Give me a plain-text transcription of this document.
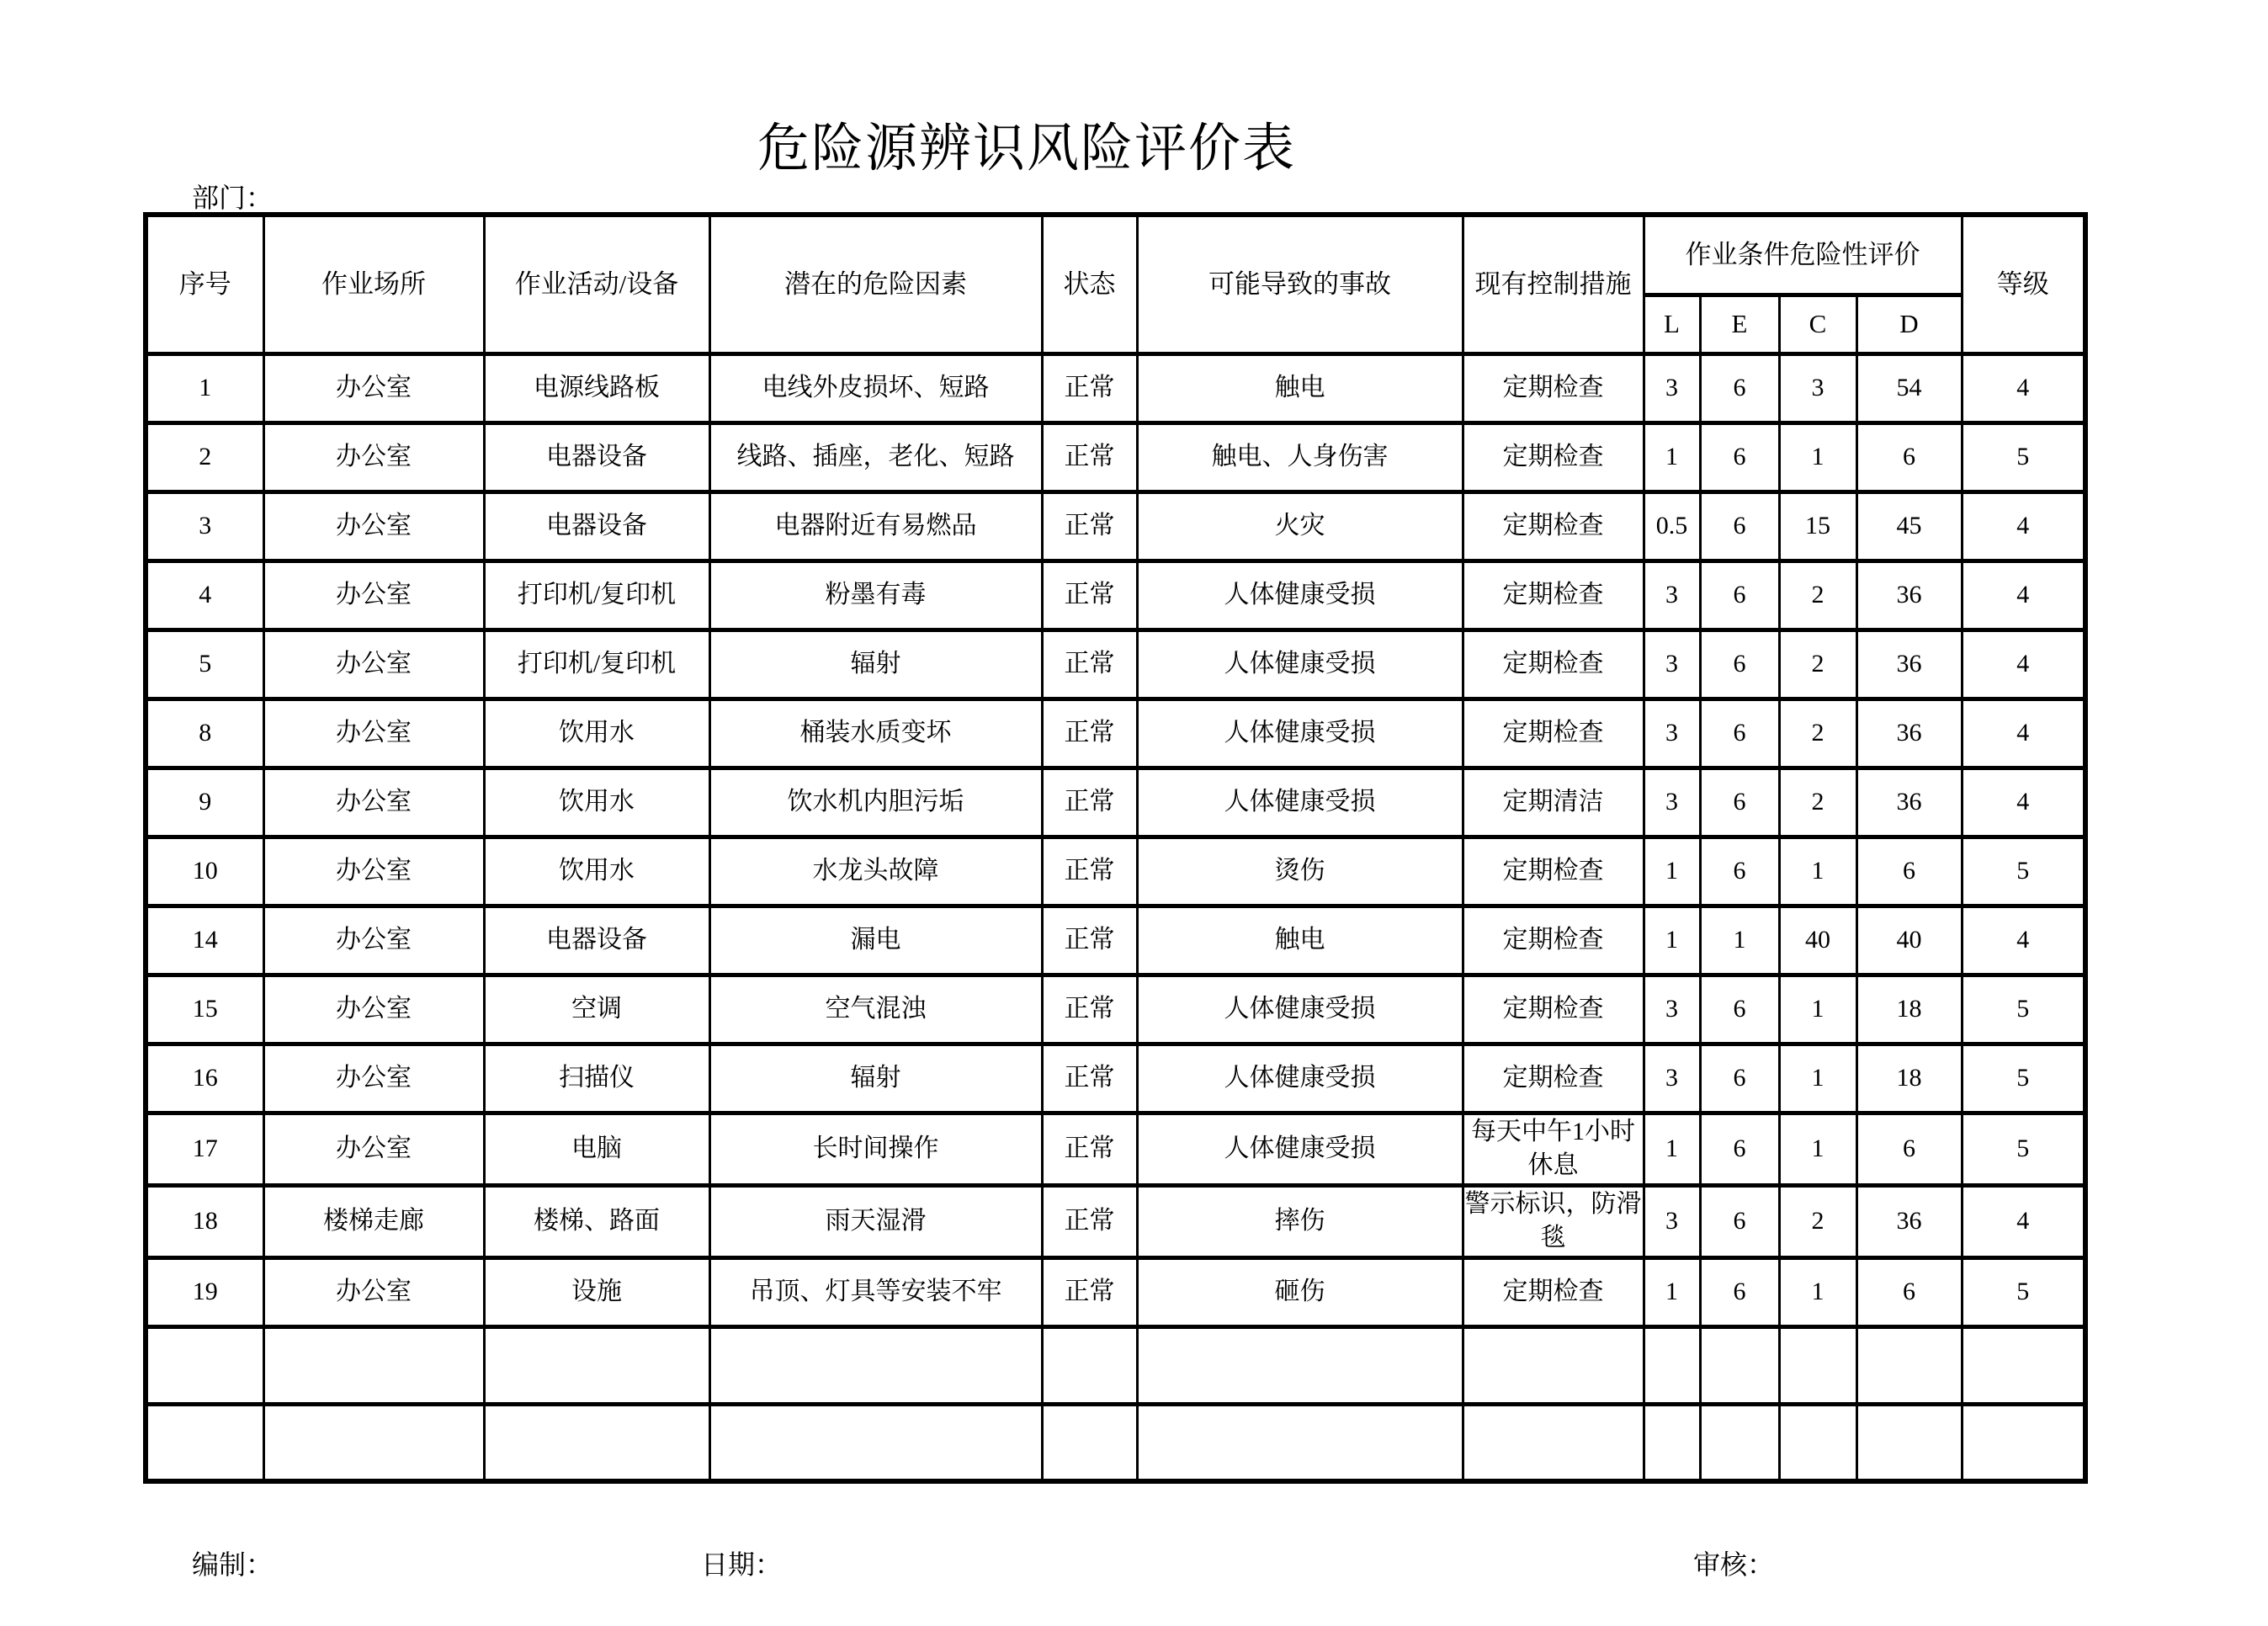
危险源辨识风险评价表
部门：
序号	作业场所	作业活动/设备	潜在的危险因素	状态	可能导致的事故	现有控制措施	作业条件危险性评价				等级
							L	E	C	D	
1	办公室	电源线路板	电线外皮损坏、短路	正常	触电	定期检查	3	6	3	54	4
2	办公室	电器设备	线路、插座，老化、短路	正常	触电、人身伤害	定期检查	1	6	1	6	5
3	办公室	电器设备	电器附近有易燃品	正常	火灾	定期检查	0.5	6	15	45	4
4	办公室	打印机/复印机	粉墨有毒	正常	人体健康受损	定期检查	3	6	2	36	4
5	办公室	打印机/复印机	辐射	正常	人体健康受损	定期检查	3	6	2	36	4
8	办公室	饮用水	桶装水质变坏	正常	人体健康受损	定期检查	3	6	2	36	4
9	办公室	饮用水	饮水机内胆污垢	正常	人体健康受损	定期清洁	3	6	2	36	4
10	办公室	饮用水	水龙头故障	正常	烫伤	定期检查	1	6	1	6	5
14	办公室	电器设备	漏电	正常	触电	定期检查	1	1	40	40	4
15	办公室	空调	空气混浊	正常	人体健康受损	定期检查	3	6	1	18	5
16	办公室	扫描仪	辐射	正常	人体健康受损	定期检查	3	6	1	18	5
17	办公室	电脑	长时间操作	正常	人体健康受损	每天中午1小时休息	1	6	1	6	5
18	楼梯走廊	楼梯、路面	雨天湿滑	正常	摔伤	警示标识，防滑毯	3	6	2	36	4
19	办公室	设施	吊顶、灯具等安装不牢	正常	砸伤	定期检查	1	6	1	6	5

编制：	日期：	审核：
